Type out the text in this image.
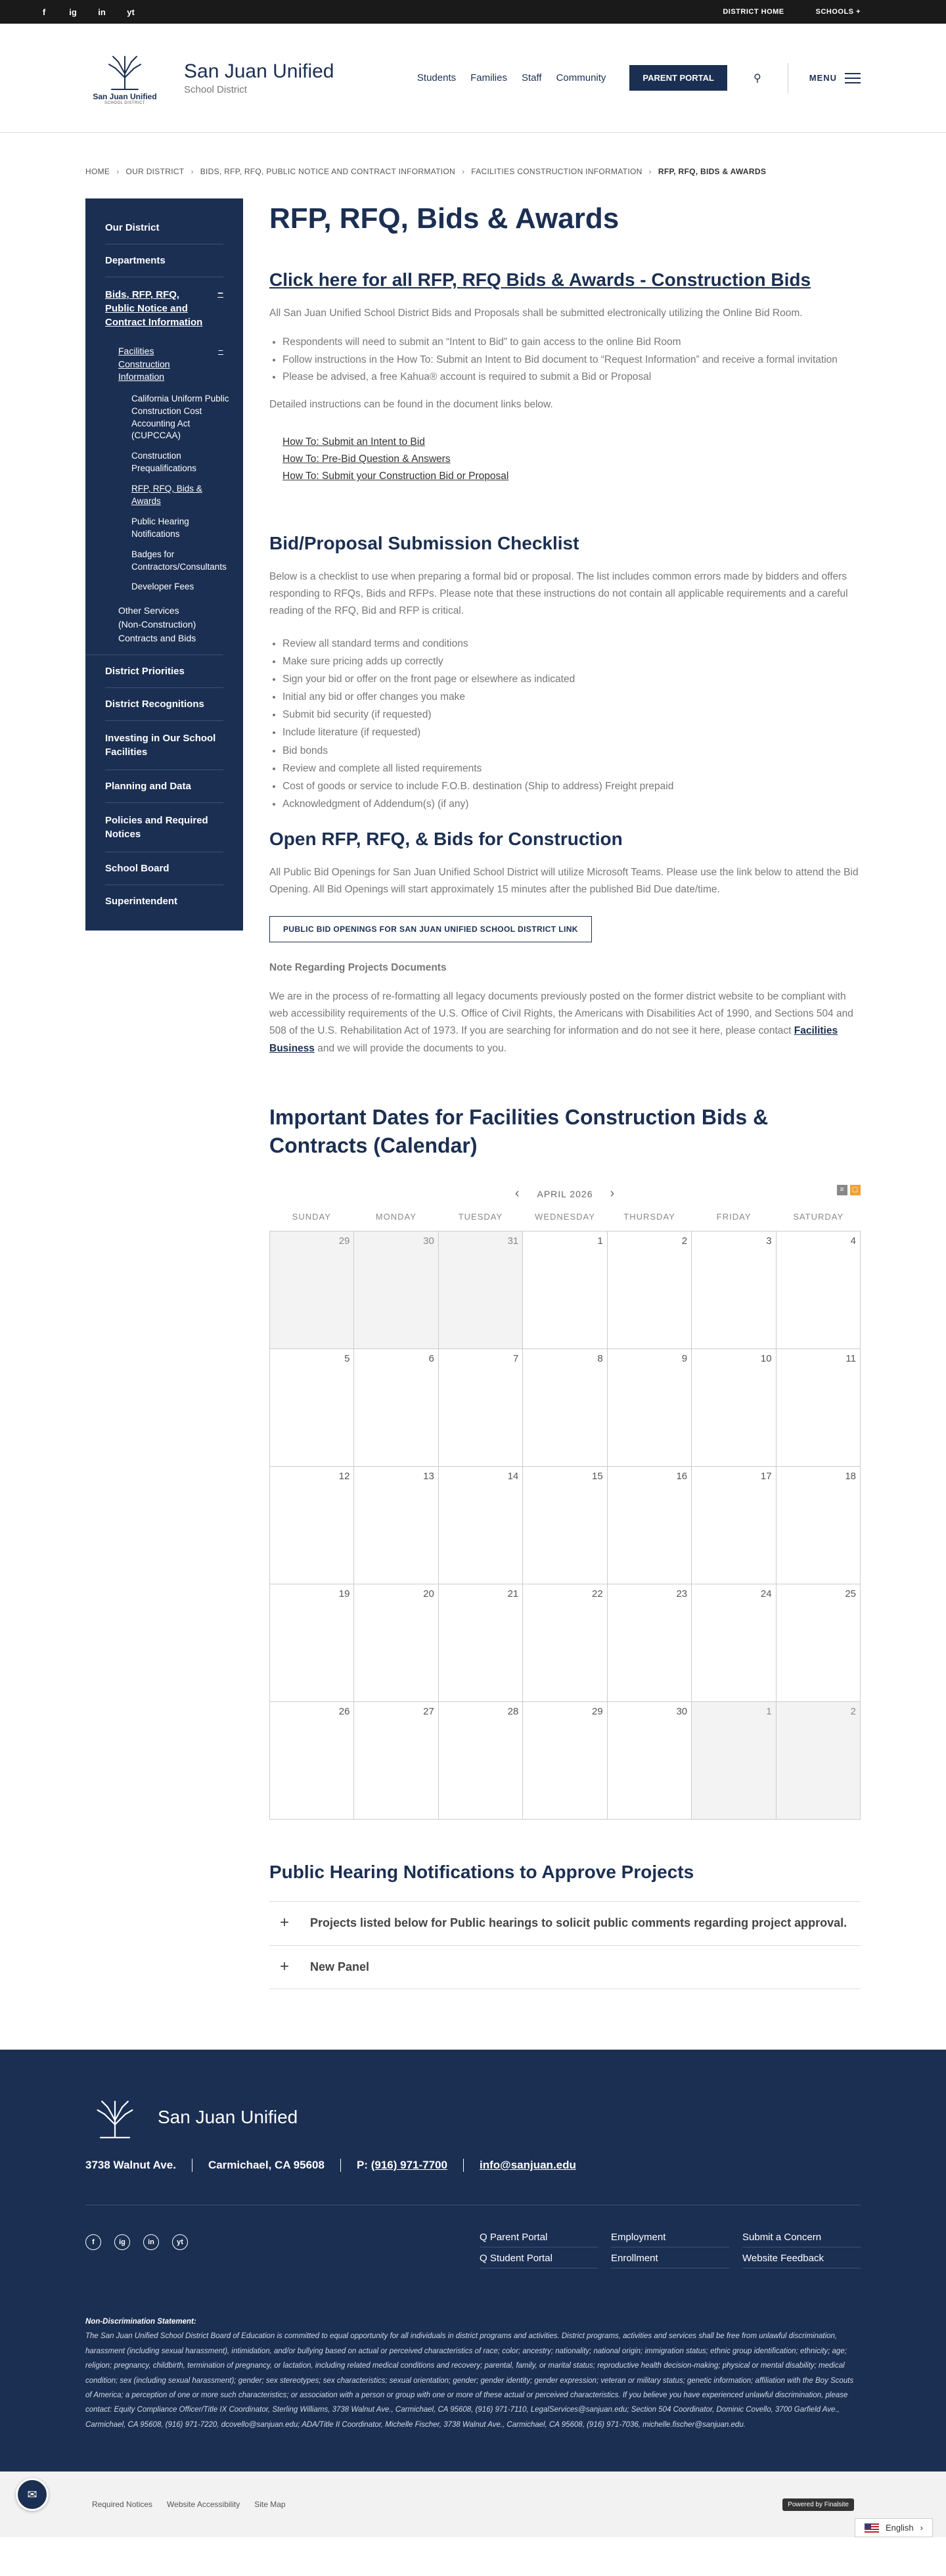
f	ig in yt	DISTRICT HOME	SCHOOLS +
San Juan Unified
SCHOOL DISTRICT
San Juan Unified
School District
Students Families Staff Community	PARENT PORTAL	⚲	MENU
HOME › OUR DISTRICT › BIDS, RFP, RFQ, PUBLIC NOTICE AND CONTRACT INFORMATION › FACILITIES CONSTRUCTION INFORMATION › RFP, RFQ, BIDS & AWARDS
Our District
Departments
Bids, RFP, RFQ, Public Notice and Contract Information
−
Facilities Construction Information
−
California Uniform Public Construction Cost Accounting Act (CUPCCAA)
Construction Prequalifications
RFP, RFQ, Bids & Awards
Public Hearing Notifications
Badges for Contractors/Consultants
Developer Fees
Other Services (Non-Construction) Contracts and Bids
District Priorities
District Recognitions
Investing in Our School Facilities
Planning and Data
Policies and Required Notices
School Board
Superintendent
RFP, RFQ, Bids & Awards
Click here for all RFP, RFQ Bids & Awards - Construction Bids

All San Juan Unified School District Bids and Proposals shall be submitted electronically utilizing the Online Bid Room.

• Respondents will need to submit an “Intent to Bid” to gain access to the online Bid Room
• Follow instructions in the How To: Submit an Intent to Bid document to “Request Information” and receive a formal invitation
• Please be advised, a free Kahua® account is required to submit a Bid or Proposal

Detailed instructions can be found in the document links below.

How To: Submit an Intent to Bid
How To: Pre-Bid Question & Answers
How To: Submit your Construction Bid or Proposal
Bid/Proposal Submission Checklist

Below is a checklist to use when preparing a formal bid or proposal. The list includes common errors made by bidders and offers responding to RFQs, Bids and RFPs. Please note that these instructions do not contain all applicable requirements and a careful reading of the RFQ, Bid and RFP is critical.

• Review all standard terms and conditions
• Make sure pricing adds up correctly
• Sign your bid or offer on the front page or elsewhere as indicated
• Initial any bid or offer changes you make
• Submit bid security (if requested)
• Include literature (if requested)
• Bid bonds
• Review and complete all listed requirements
• Cost of goods or service to include F.O.B. destination (Ship to address) Freight prepaid
• Acknowledgment of Addendum(s) (if any)
Open RFP, RFQ, & Bids for Construction

All Public Bid Openings for San Juan Unified School District will utilize Microsoft Teams. Please use the link below to attend the Bid Opening. All Bid Openings will start approximately 15 minutes after the published Bid Due date/time.

PUBLIC BID OPENINGS FOR SAN JUAN UNIFIED SCHOOL DISTRICT LINK
Note Regarding Projects Documents

We are in the process of re-formatting all legacy documents previously posted on the former district website to be compliant with web accessibility requirements of the U.S. Office of Civil Rights, the Americans with Disabilities Act of 1990, and Sections 504 and 508 of the U.S. Rehabilitation Act of 1973. If you are searching for information and do not see it here, please contact Facilities Business and we will provide the documents to you.

Important Dates for Facilities Construction Bids & Contracts (Calendar)
‹ APRIL 2026 ›	≡	▢
SUNDAY	MONDAY	TUESDAY	WEDNESDAY	THURSDAY	FRIDAY	SATURDAY
29	30	31	1	2	3	4
5	6	7	8	9	10	11
12	13	14	15	16	17	18
19	20	21	22	23	24	25
26	27	28	29	30	1	2
Public Hearing Notifications to Approve Projects
+ Projects listed below for Public hearings to solicit public comments regarding project approval.
+ New Panel
San Juan Unified
3738 Walnut Ave.	Carmichael, CA 95608	P: (916) 971-7700	info@sanjuan.edu
f	ig	in	yt	Q Parent Portal	Employment	Submit a Concern
Q Student Portal	Enrollment	Website Feedback
Non-Discrimination Statement:
The San Juan Unified School District Board of Education is committed to equal opportunity for all individuals in district programs and activities. District programs, activities and services shall be free from unlawful discrimination, harassment (including sexual harassment), intimidation, and/or bullying based on actual or perceived characteristics of race; color; ancestry; nationality; national origin; immigration status; ethnic group identification; ethnicity; age; religion; pregnancy, childbirth, termination of pregnancy, or lactation, including related medical conditions and recovery; parental, family, or marital status; reproductive health decision-making; physical or mental disability; medical condition; sex (including sexual harassment); gender; sex stereotypes; sex characteristics; sexual orientation; gender; gender identity; gender expression; veteran or military status; genetic information; affiliation with the Boy Scouts of America; a perception of one or more such characteristics; or association with a person or group with one or more of these actual or perceived characteristics. If you believe you have experienced unlawful discrimination, please contact: Equity Compliance Officer/Title IX Coordinator, Sterling Williams, 3738 Walnut Ave., Carmichael, CA 95608, (916) 971-7110, LegalServices@sanjuan.edu; Section 504 Coordinator, Dominic Covello, 3700 Garfield Ave., Carmichael, CA 95608, (916) 971-7220, dcovello@sanjuan.edu; ADA/Title II Coordinator, Michelle Fischer, 3738 Walnut Ave., Carmichael, CA 95608, (916) 971-7036, michelle.fischer@sanjuan.edu.
✉
Required Notices Website Accessibility Site Map	Powered by Finalsite
English ›
